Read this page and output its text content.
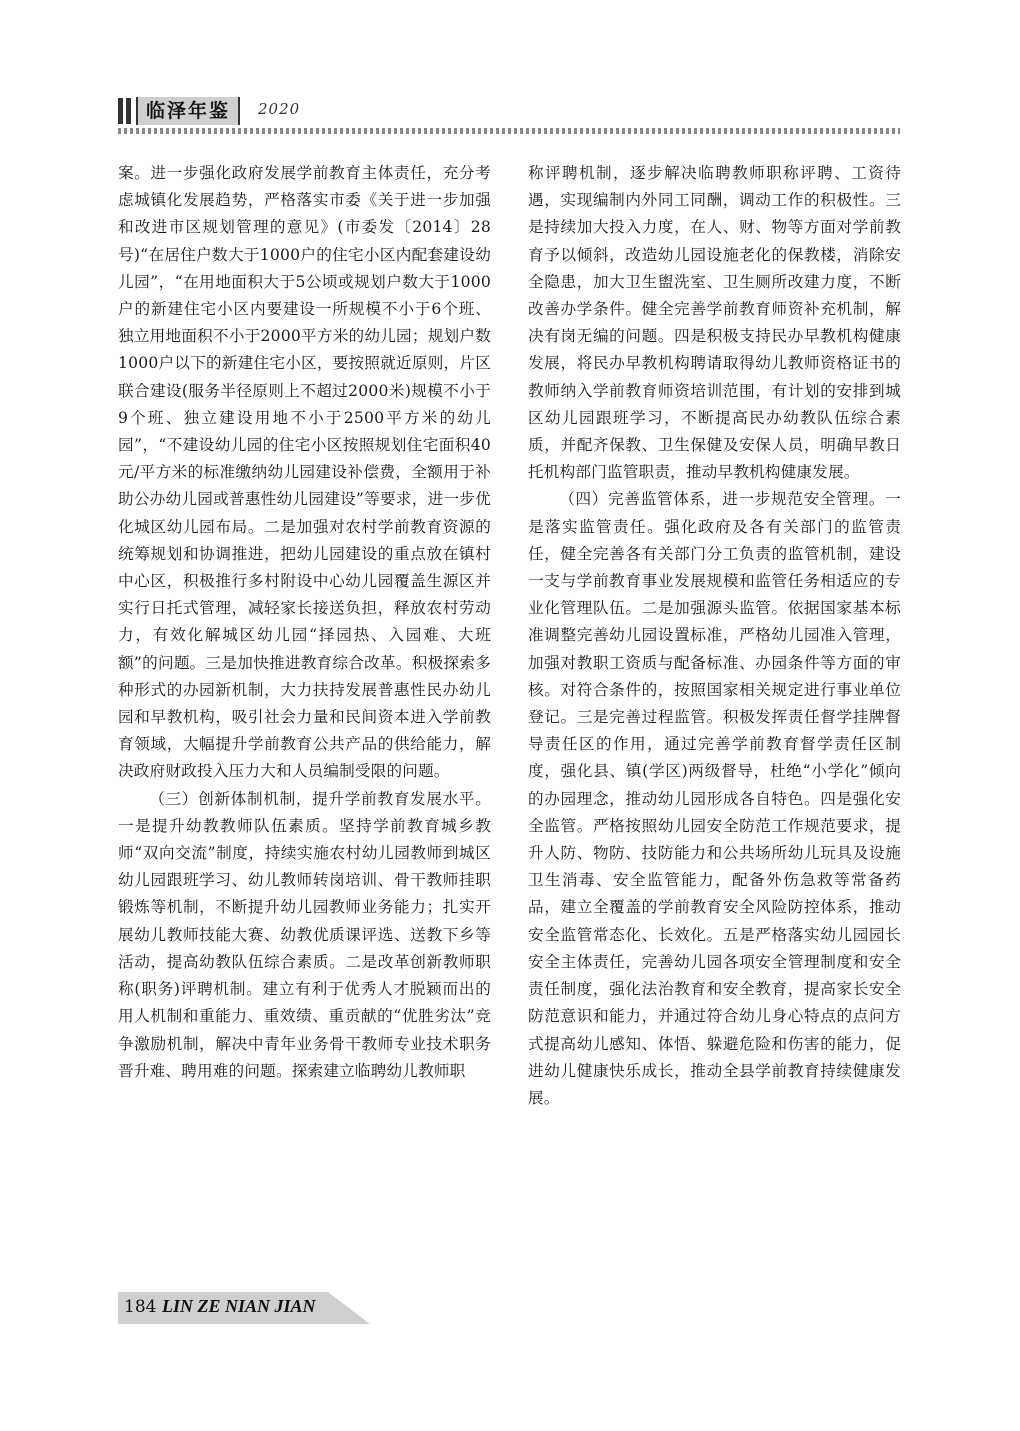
临泽年鉴	2020

案。进一步强化政府发展学前教育主体责任，充分考虑城镇化发展趋势，严格落实市委《关于进一步加强和改进市区规划管理的意见》(市委发〔2014〕28号)“在居住户数大于1000户的住宅小区内配套建设幼儿园”，“在用地面积大于5公顷或规划户数大于1000户的新建住宅小区内要建设一所规模不小于6个班、独立用地面积不小于2000平方米的幼儿园；规划户数1000户以下的新建住宅小区，要按照就近原则，片区联合建设(服务半径原则上不超过2000米)规模不小于9个班、独立建设用地不小于2500平方米的幼儿园”，“不建设幼儿园的住宅小区按照规划住宅面积40元/平方米的标准缴纳幼儿园建设补偿费，全额用于补助公办幼儿园或普惠性幼儿园建设”等要求，进一步优化城区幼儿园布局。二是加强对农村学前教育资源的统筹规划和协调推进，把幼儿园建设的重点放在镇村中心区，积极推行多村附设中心幼儿园覆盖生源区并实行日托式管理，减轻家长接送负担，释放农村劳动力，有效化解城区幼儿园“择园热、入园难、大班额”的问题。三是加快推进教育综合改革。积极探索多种形式的办园新机制，大力扶持发展普惠性民办幼儿园和早教机构，吸引社会力量和民间资本进入学前教育领域，大幅提升学前教育公共产品的供给能力，解决政府财政投入压力大和人员编制受限的问题。

（三）创新体制机制，提升学前教育发展水平。一是提升幼教教师队伍素质。坚持学前教育城乡教师“双向交流”制度，持续实施农村幼儿园教师到城区幼儿园跟班学习、幼儿教师转岗培训、骨干教师挂职锻炼等机制，不断提升幼儿园教师业务能力；扎实开展幼儿教师技能大赛、幼教优质课评选、送教下乡等活动，提高幼教队伍综合素质。二是改革创新教师职称(职务)评聘机制。建立有利于优秀人才脱颖而出的用人机制和重能力、重效绩、重贡献的“优胜劣汰”竞争激励机制，解决中青年业务骨干教师专业技术职务晋升难、聘用难的问题。探索建立临聘幼儿教师职

称评聘机制，逐步解决临聘教师职称评聘、工资待遇，实现编制内外同工同酬，调动工作的积极性。三是持续加大投入力度，在人、财、物等方面对学前教育予以倾斜，改造幼儿园设施老化的保教楼，消除安全隐患，加大卫生盥洗室、卫生厕所改建力度，不断改善办学条件。健全完善学前教育师资补充机制，解决有岗无编的问题。四是积极支持民办早教机构健康发展，将民办早教机构聘请取得幼儿教师资格证书的教师纳入学前教育师资培训范围，有计划的安排到城区幼儿园跟班学习，不断提高民办幼教队伍综合素质，并配齐保教、卫生保健及安保人员，明确早教日托机构部门监管职责，推动早教机构健康发展。

（四）完善监管体系，进一步规范安全管理。一是落实监管责任。强化政府及各有关部门的监管责任，健全完善各有关部门分工负责的监管机制，建设一支与学前教育事业发展规模和监管任务相适应的专业化管理队伍。二是加强源头监管。依据国家基本标准调整完善幼儿园设置标准，严格幼儿园准入管理，加强对教职工资质与配备标准、办园条件等方面的审核。对符合条件的，按照国家相关规定进行事业单位登记。三是完善过程监管。积极发挥责任督学挂牌督导责任区的作用，通过完善学前教育督学责任区制度，强化县、镇(学区)两级督导，杜绝“小学化”倾向的办园理念，推动幼儿园形成各自特色。四是强化安全监管。严格按照幼儿园安全防范工作规范要求，提升人防、物防、技防能力和公共场所幼儿玩具及设施卫生消毒、安全监管能力，配备外伤急救等常备药品，建立全覆盖的学前教育安全风险防控体系，推动安全监管常态化、长效化。五是严格落实幼儿园园长安全主体责任，完善幼儿园各项安全管理制度和安全责任制度，强化法治教育和安全教育，提高家长安全防范意识和能力，并通过符合幼儿身心特点的点问方式提高幼儿感知、体悟、躲避危险和伤害的能力，促进幼儿健康快乐成长，推动全县学前教育持续健康发展。

184 LIN ZE NIAN JIAN
